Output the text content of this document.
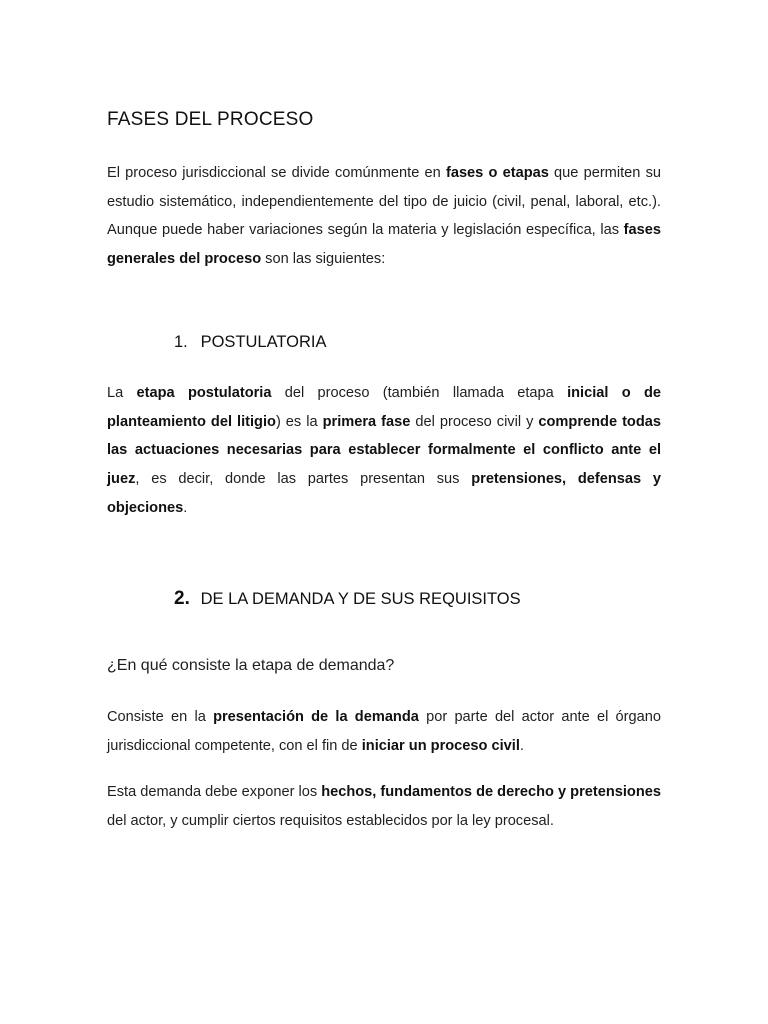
FASES DEL PROCESO

El proceso jurisdiccional se divide comúnmente en fases o etapas que permiten su estudio sistemático, independientemente del tipo de juicio (civil, penal, laboral, etc.). Aunque puede haber variaciones según la materia y legislación específica, las fases generales del proceso son las siguientes:

1. POSTULATORIA

La etapa postulatoria del proceso (también llamada etapa inicial o de planteamiento del litigio) es la primera fase del proceso civil y comprende todas las actuaciones necesarias para establecer formalmente el conflicto ante el juez, es decir, donde las partes presentan sus pretensiones, defensas y objeciones.

2. DE LA DEMANDA Y DE SUS REQUISITOS

¿En qué consiste la etapa de demanda?

Consiste en la presentación de la demanda por parte del actor ante el órgano jurisdiccional competente, con el fin de iniciar un proceso civil.

Esta demanda debe exponer los hechos, fundamentos de derecho y pretensiones del actor, y cumplir ciertos requisitos establecidos por la ley procesal.
